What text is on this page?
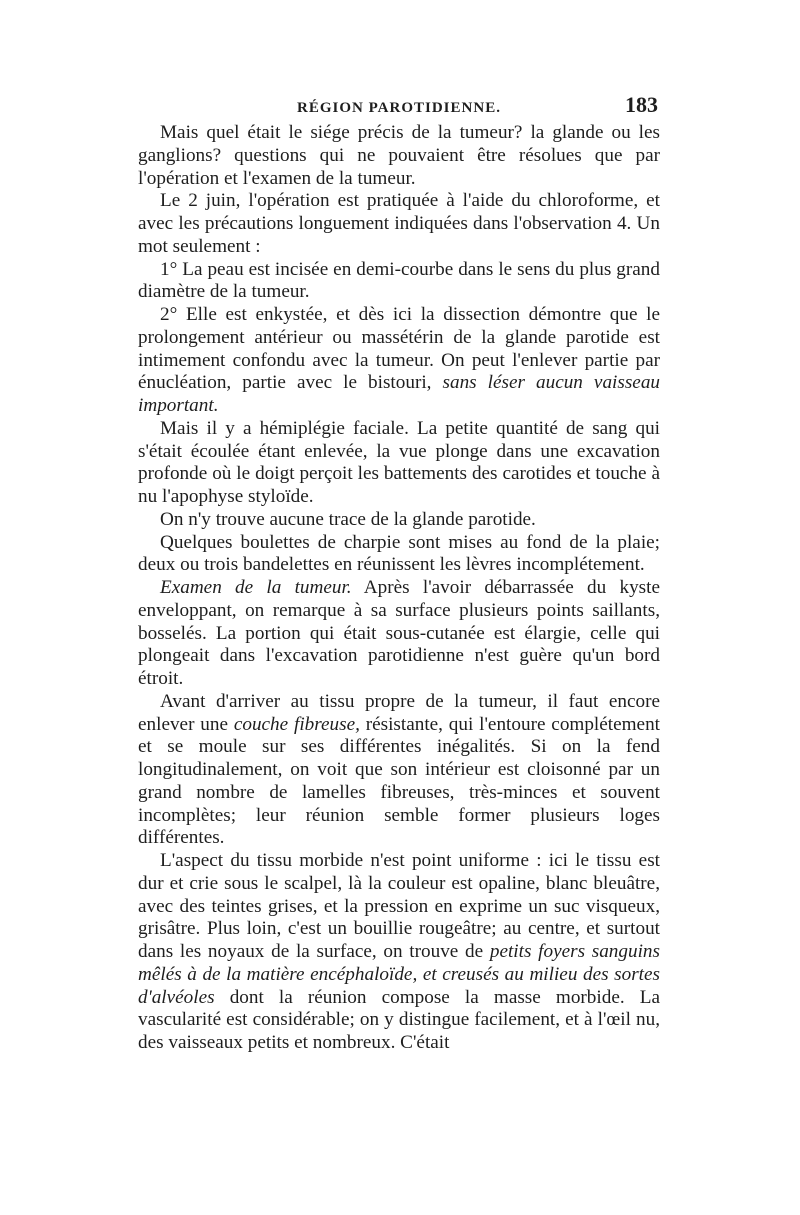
RÉGION PAROTIDIENNE.	183

Mais quel était le siége précis de la tumeur? la glande ou les ganglions? questions qui ne pouvaient être résolues que par l'opération et l'examen de la tumeur.

Le 2 juin, l'opération est pratiquée à l'aide du chloroforme, et avec les précautions longuement indiquées dans l'observation 4. Un mot seulement :

1° La peau est incisée en demi-courbe dans le sens du plus grand diamètre de la tumeur.

2° Elle est enkystée, et dès ici la dissection démontre que le prolongement antérieur ou massétérin de la glande parotide est intimement confondu avec la tumeur. On peut l'enlever partie par énucléation, partie avec le bistouri, sans léser aucun vaisseau important.

Mais il y a hémiplégie faciale. La petite quantité de sang qui s'était écoulée étant enlevée, la vue plonge dans une excavation profonde où le doigt perçoit les battements des carotides et touche à nu l'apophyse styloïde.

On n'y trouve aucune trace de la glande parotide.

Quelques boulettes de charpie sont mises au fond de la plaie; deux ou trois bandelettes en réunissent les lèvres incomplétement.

Examen de la tumeur. Après l'avoir débarrassée du kyste enveloppant, on remarque à sa surface plusieurs points saillants, bosselés. La portion qui était sous-cutanée est élargie, celle qui plongeait dans l'excavation parotidienne n'est guère qu'un bord étroit.

Avant d'arriver au tissu propre de la tumeur, il faut encore enlever une couche fibreuse, résistante, qui l'entoure complétement et se moule sur ses différentes inégalités. Si on la fend longitudinalement, on voit que son intérieur est cloisonné par un grand nombre de lamelles fibreuses, très-minces et souvent incomplètes; leur réunion semble former plusieurs loges différentes.

L'aspect du tissu morbide n'est point uniforme : ici le tissu est dur et crie sous le scalpel, là la couleur est opaline, blanc bleuâtre, avec des teintes grises, et la pression en exprime un suc visqueux, grisâtre. Plus loin, c'est un bouillie rougeâtre; au centre, et surtout dans les noyaux de la surface, on trouve de petits foyers sanguins mêlés à de la matière encéphaloïde, et creusés au milieu des sortes d'alvéoles dont la réunion compose la masse morbide. La vascularité est considérable; on y distingue facilement, et à l'œil nu, des vaisseaux petits et nombreux. C'était
